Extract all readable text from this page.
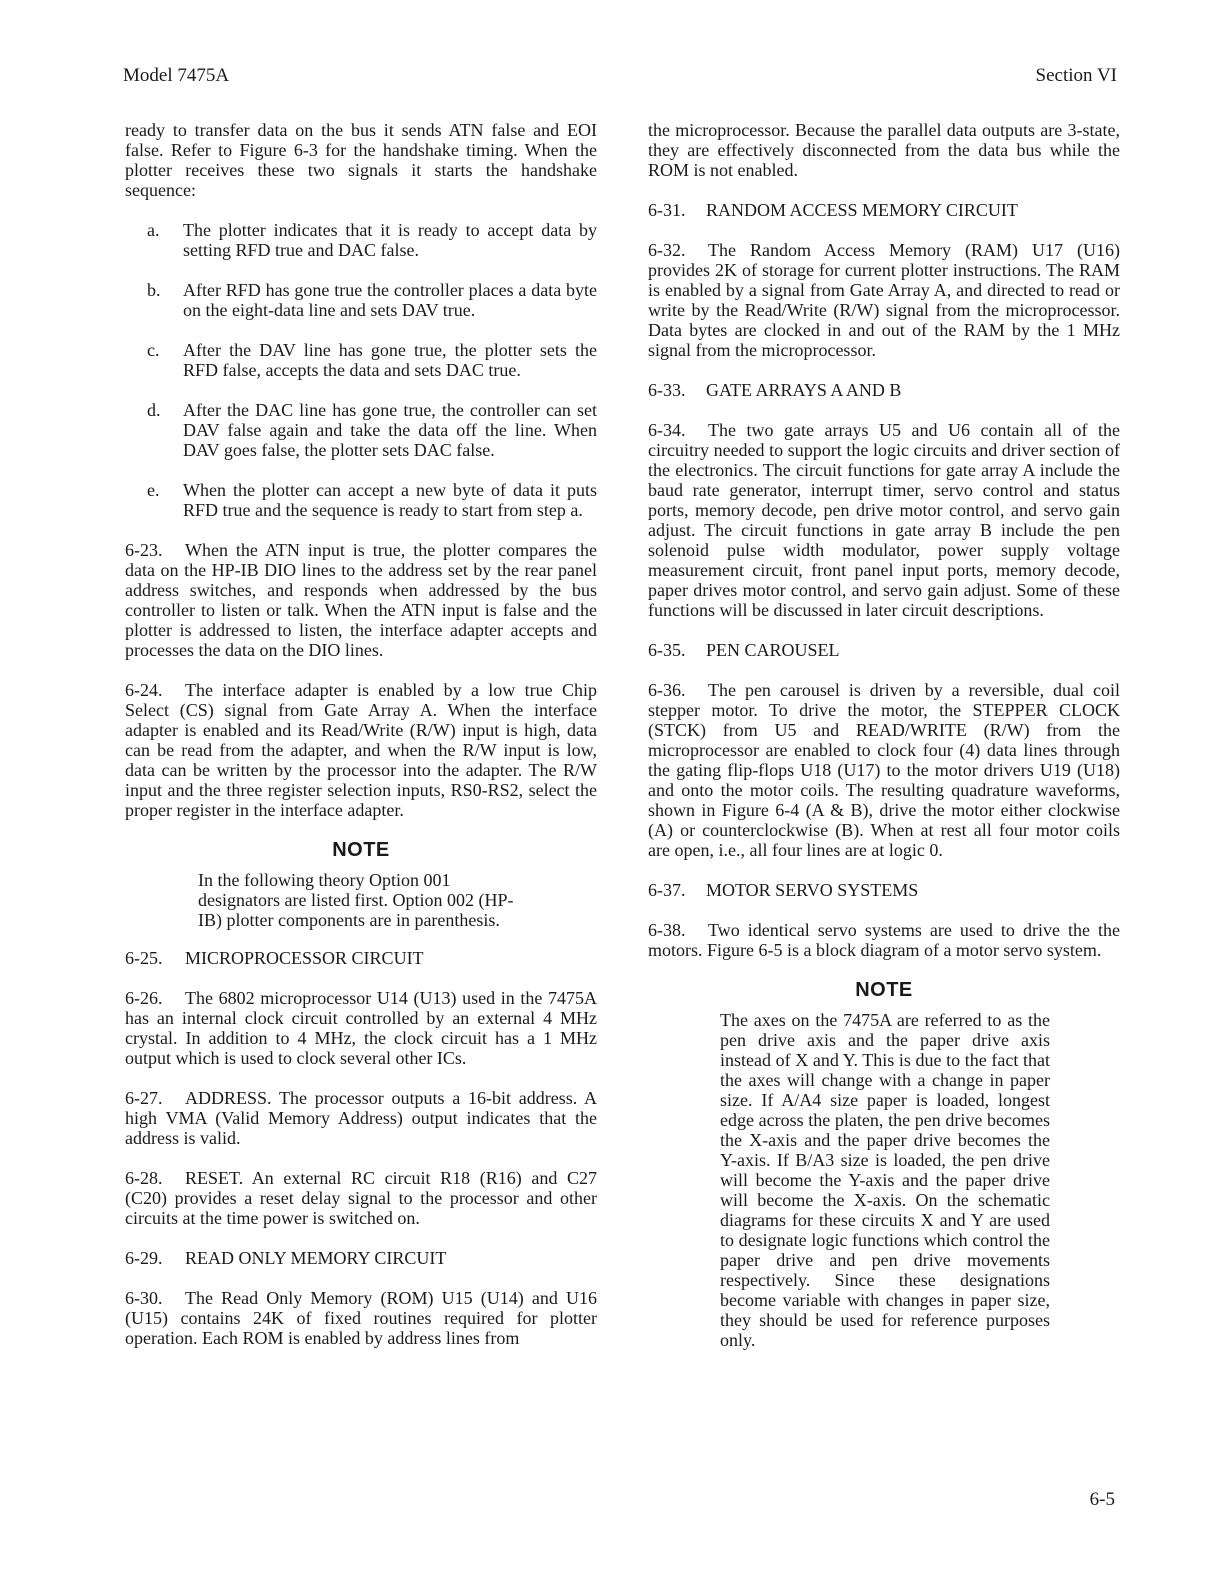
Model 7475A	Section VI

ready to transfer data on the bus it sends ATN false and EOI false. Refer to Figure 6-3 for the handshake timing. When the plotter receives these two signals it starts the handshake sequence:

a.	The plotter indicates that it is ready to accept data by setting RFD true and DAC false.
b.	After RFD has gone true the controller places a data byte on the eight-data line and sets DAV true.
c.	After the DAV line has gone true, the plotter sets the RFD false, accepts the data and sets DAC true.
d.	After the DAC line has gone true, the controller can set DAV false again and take the data off the line. When DAV goes false, the plotter sets DAC false.
e.	When the plotter can accept a new byte of data it puts RFD true and the sequence is ready to start from step a.

6-23. When the ATN input is true, the plotter compares the data on the HP-IB DIO lines to the address set by the rear panel address switches, and responds when addressed by the bus controller to listen or talk. When the ATN input is false and the plotter is addressed to listen, the interface adapter accepts and processes the data on the DIO lines.

6-24. The interface adapter is enabled by a low true Chip Select (CS) signal from Gate Array A. When the interface adapter is enabled and its Read/Write (R/W) input is high, data can be read from the adapter, and when the R/W input is low, data can be written by the processor into the adapter. The R/W input and the three register selection inputs, RS0-RS2, select the proper register in the interface adapter.

NOTE
In the following theory Option 001 designators are listed first. Option 002 (HP-IB) plotter components are in parenthesis.
6-25. MICROPROCESSOR CIRCUIT

6-26. The 6802 microprocessor U14 (U13) used in the 7475A has an internal clock circuit controlled by an external 4 MHz crystal. In addition to 4 MHz, the clock circuit has a 1 MHz output which is used to clock several other ICs.

6-27. ADDRESS. The processor outputs a 16-bit address. A high VMA (Valid Memory Address) output indicates that the address is valid.

6-28. RESET. An external RC circuit R18 (R16) and C27 (C20) provides a reset delay signal to the processor and other circuits at the time power is switched on.

6-29. READ ONLY MEMORY CIRCUIT

6-30. The Read Only Memory (ROM) U15 (U14) and U16 (U15) contains 24K of fixed routines required for plotter operation. Each ROM is enabled by address lines from

the microprocessor. Because the parallel data outputs are 3-state, they are effectively disconnected from the data bus while the ROM is not enabled.

6-31. RANDOM ACCESS MEMORY CIRCUIT

6-32. The Random Access Memory (RAM) U17 (U16) provides 2K of storage for current plotter instructions. The RAM is enabled by a signal from Gate Array A, and directed to read or write by the Read/Write (R/W) signal from the microprocessor. Data bytes are clocked in and out of the RAM by the 1 MHz signal from the microprocessor.

6-33. GATE ARRAYS A AND B

6-34. The two gate arrays U5 and U6 contain all of the circuitry needed to support the logic circuits and driver section of the electronics. The circuit functions for gate array A include the baud rate generator, interrupt timer, servo control and status ports, memory decode, pen drive motor control, and servo gain adjust. The circuit functions in gate array B include the pen solenoid pulse width modulator, power supply voltage measurement circuit, front panel input ports, memory decode, paper drives motor control, and servo gain adjust. Some of these functions will be discussed in later circuit descriptions.

6-35. PEN CAROUSEL

6-36. The pen carousel is driven by a reversible, dual coil stepper motor. To drive the motor, the STEPPER CLOCK (STCK) from U5 and READ/WRITE (R/W) from the microprocessor are enabled to clock four (4) data lines through the gating flip-flops U18 (U17) to the motor drivers U19 (U18) and onto the motor coils. The resulting quadrature waveforms, shown in Figure 6-4 (A & B), drive the motor either clockwise (A) or counterclockwise (B). When at rest all four motor coils are open, i.e., all four lines are at logic 0.

6-37. MOTOR SERVO SYSTEMS

6-38. Two identical servo systems are used to drive the the motors. Figure 6-5 is a block diagram of a motor servo system.

NOTE
The axes on the 7475A are referred to as the pen drive axis and the paper drive axis instead of X and Y. This is due to the fact that the axes will change with a change in paper size. If A/A4 size paper is loaded, longest edge across the platen, the pen drive becomes the X-axis and the paper drive becomes the Y-axis. If B/A3 size is loaded, the pen drive will become the Y-axis and the paper drive will become the X-axis. On the schematic diagrams for these circuits X and Y are used to designate logic functions which control the paper drive and pen drive movements respectively. Since these designations become variable with changes in paper size, they should be used for reference purposes only.
6-5
